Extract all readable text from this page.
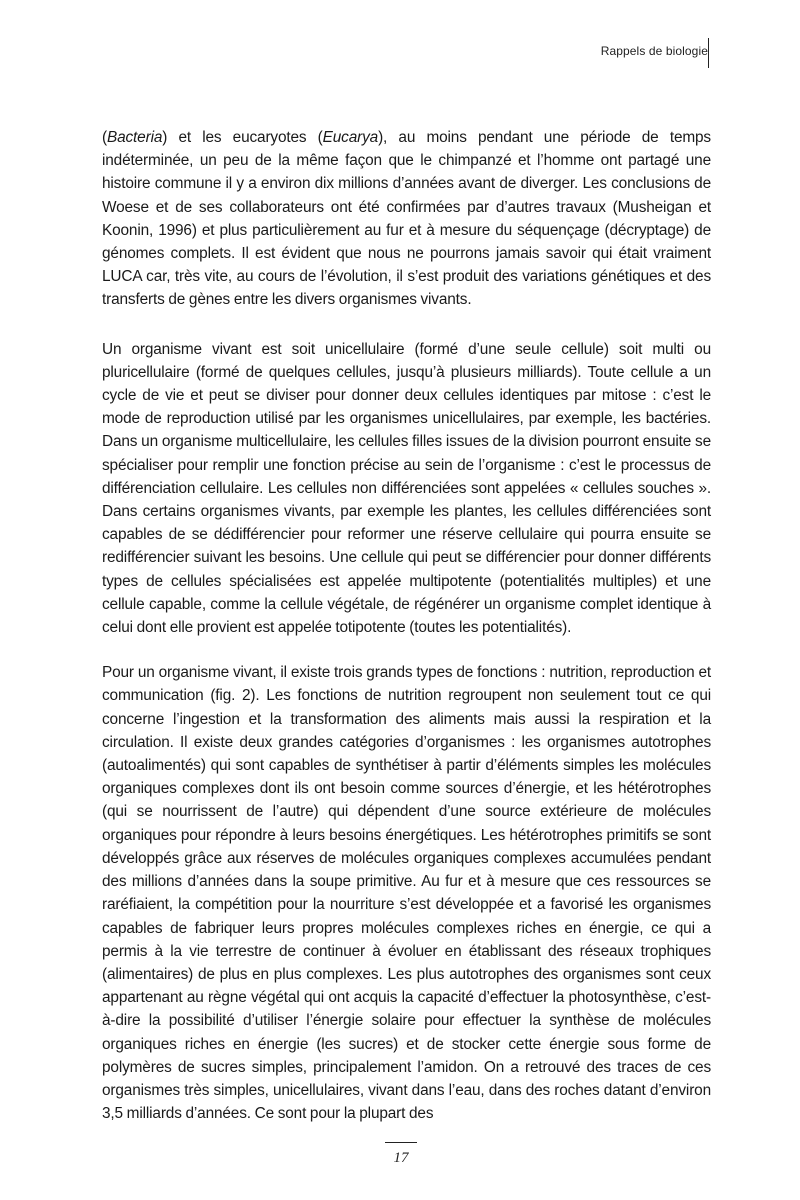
Rappels de biologie

(Bacteria) et les eucaryotes (Eucarya), au moins pendant une période de temps indéterminée, un peu de la même façon que le chimpanzé et l’homme ont partagé une histoire commune il y a environ dix millions d’années avant de diverger. Les conclusions de Woese et de ses collaborateurs ont été confirmées par d’autres travaux (Musheigan et Koonin, 1996) et plus particulièrement au fur et à mesure du séquençage (décryptage) de génomes complets. Il est évident que nous ne pourrons jamais savoir qui était vraiment LUCA car, très vite, au cours de l’évolution, il s’est produit des variations génétiques et des transferts de gènes entre les divers organismes vivants.

Un organisme vivant est soit unicellulaire (formé d’une seule cellule) soit multi ou pluricellulaire (formé de quelques cellules, jusqu’à plusieurs milliards). Toute cellule a un cycle de vie et peut se diviser pour donner deux cellules identiques par mitose : c’est le mode de reproduction utilisé par les organismes unicellulaires, par exemple, les bactéries. Dans un organisme multicellulaire, les cellules filles issues de la division pourront ensuite se spécialiser pour remplir une fonction précise au sein de l’organisme : c’est le processus de différenciation cellulaire. Les cellules non différenciées sont appelées « cellules souches ». Dans certains organismes vivants, par exemple les plantes, les cellules différenciées sont capables de se dédifférencier pour reformer une réserve cellulaire qui pourra ensuite se redifférencier suivant les besoins. Une cellule qui peut se différencier pour donner différents types de cellules spécialisées est appelée multipotente (potentialités multiples) et une cellule capable, comme la cellule végétale, de régénérer un organisme complet identique à celui dont elle provient est appelée totipotente (toutes les potentialités).

Pour un organisme vivant, il existe trois grands types de fonctions : nutrition, reproduction et communication (fig. 2). Les fonctions de nutrition regroupent non seulement tout ce qui concerne l’ingestion et la transformation des aliments mais aussi la respiration et la circulation. Il existe deux grandes catégories d’organismes : les organismes autotrophes (autoalimentés) qui sont capables de synthétiser à partir d’éléments simples les molécules organiques complexes dont ils ont besoin comme sources d’énergie, et les hétérotrophes (qui se nourrissent de l’autre) qui dépendent d’une source extérieure de molécules organiques pour répondre à leurs besoins énergétiques. Les hétérotrophes primitifs se sont développés grâce aux réserves de molécules organiques complexes accumulées pendant des millions d’années dans la soupe primitive. Au fur et à mesure que ces ressources se raréfiaient, la compétition pour la nourriture s’est développée et a favorisé les organismes capables de fabriquer leurs propres molécules complexes riches en énergie, ce qui a permis à la vie terrestre de continuer à évoluer en établissant des réseaux trophiques (alimentaires) de plus en plus complexes. Les plus autotrophes des organismes sont ceux appartenant au règne végétal qui ont acquis la capacité d’effectuer la photosynthèse, c’est-à-dire la possibilité d’utiliser l’énergie solaire pour effectuer la synthèse de molécules organiques riches en énergie (les sucres) et de stocker cette énergie sous forme de polymères de sucres simples, principalement l’amidon. On a retrouvé des traces de ces organismes très simples, unicellulaires, vivant dans l’eau, dans des roches datant d’environ 3,5 milliards d’années. Ce sont pour la plupart des

17
